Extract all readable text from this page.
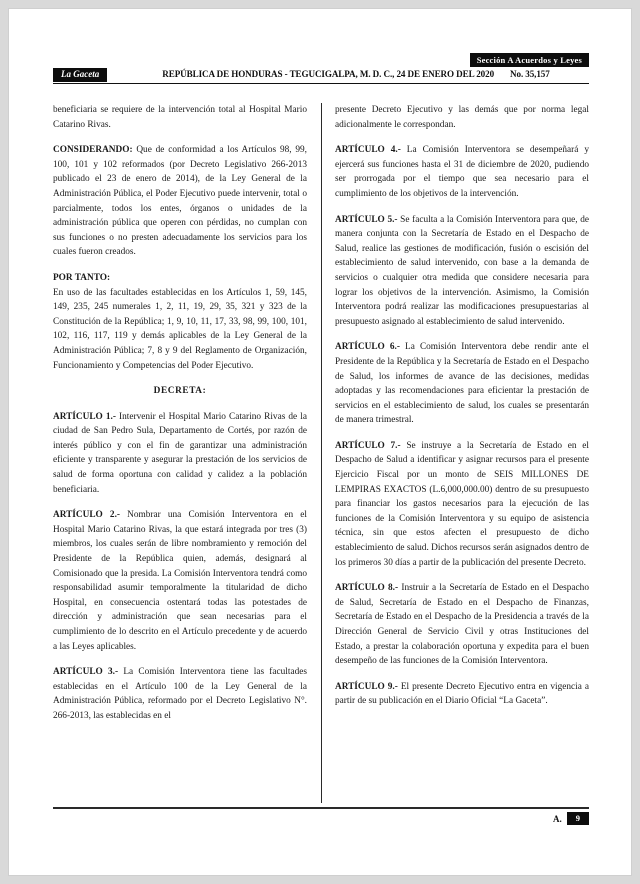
Sección A Acuerdos y Leyes
La Gaceta	REPÚBLICA DE HONDURAS - TEGUCIGALPA, M. D. C., 24 DE ENERO DEL 2020 No. 35,157

beneficiaria se requiere de la intervención total al Hospital Mario Catarino Rivas.

CONSIDERANDO: Que de conformidad a los Artículos 98, 99, 100, 101 y 102 reformados (por Decreto Legislativo 266-2013 publicado el 23 de enero de 2014), de la Ley General de la Administración Pública, el Poder Ejecutivo puede intervenir, total o parcialmente, todos los entes, órganos o unidades de la administración pública que operen con pérdidas, no cumplan con sus funciones o no presten adecuadamente los servicios para los cuales fueron creados.

POR TANTO:

En uso de las facultades establecidas en los Artículos 1, 59, 145, 149, 235, 245 numerales 1, 2, 11, 19, 29, 35, 321 y 323 de la Constitución de la República; 1, 9, 10, 11, 17, 33, 98, 99, 100, 101, 102, 116, 117, 119 y demás aplicables de la Ley General de la Administración Pública; 7, 8 y 9 del Reglamento de Organización, Funcionamiento y Competencias del Poder Ejecutivo.

DECRETA:

ARTÍCULO 1.- Intervenir el Hospital Mario Catarino Rivas de la ciudad de San Pedro Sula, Departamento de Cortés, por razón de interés público y con el fin de garantizar una administración eficiente y transparente y asegurar la prestación de los servicios de salud de forma oportuna con calidad y calidez a la población beneficiaria.

ARTÍCULO 2.- Nombrar una Comisión Interventora en el Hospital Mario Catarino Rivas, la que estará integrada por tres (3) miembros, los cuales serán de libre nombramiento y remoción del Presidente de la República quien, además, designará al Comisionado que la presida. La Comisión Interventora tendrá como responsabilidad asumir temporalmente la titularidad de dicho Hospital, en consecuencia ostentará todas las potestades de dirección y administración que sean necesarias para el cumplimiento de lo descrito en el Artículo precedente y de acuerdo a las Leyes aplicables.

ARTÍCULO 3.- La Comisión Interventora tiene las facultades establecidas en el Artículo 100 de la Ley General de la Administración Pública, reformado por el Decreto Legislativo N°. 266-2013, las establecidas en el

presente Decreto Ejecutivo y las demás que por norma legal adicionalmente le correspondan.

ARTÍCULO 4.- La Comisión Interventora se desempeñará y ejercerá sus funciones hasta el 31 de diciembre de 2020, pudiendo ser prorrogada por el tiempo que sea necesario para el cumplimiento de los objetivos de la intervención.

ARTÍCULO 5.- Se faculta a la Comisión Interventora para que, de manera conjunta con la Secretaría de Estado en el Despacho de Salud, realice las gestiones de modificación, fusión o escisión del establecimiento de salud intervenido, con base a la demanda de servicios o cualquier otra medida que considere necesaria para lograr los objetivos de la intervención. Asimismo, la Comisión Interventora podrá realizar las modificaciones presupuestarias al presupuesto asignado al establecimiento de salud intervenido.

ARTÍCULO 6.- La Comisión Interventora debe rendir ante el Presidente de la República y la Secretaría de Estado en el Despacho de Salud, los informes de avance de las decisiones, medidas adoptadas y las recomendaciones para eficientar la prestación de servicios en el establecimiento de salud, los cuales se presentarán de manera trimestral.

ARTÍCULO 7.- Se instruye a la Secretaría de Estado en el Despacho de Salud a identificar y asignar recursos para el presente Ejercicio Fiscal por un monto de SEIS MILLONES DE LEMPIRAS EXACTOS (L.6,000,000.00) dentro de su presupuesto para financiar los gastos necesarios para la ejecución de las funciones de la Comisión Interventora y su equipo de asistencia técnica, sin que estos afecten el presupuesto de dicho establecimiento de salud. Dichos recursos serán asignados dentro de los primeros 30 días a partir de la publicación del presente Decreto.

ARTÍCULO 8.- Instruir a la Secretaría de Estado en el Despacho de Salud, Secretaría de Estado en el Despacho de Finanzas, Secretaría de Estado en el Despacho de la Presidencia a través de la Dirección General de Servicio Civil y otras Instituciones del Estado, a prestar la colaboración oportuna y expedita para el buen desempeño de las funciones de la Comisión Interventora.

ARTÍCULO 9.- El presente Decreto Ejecutivo entra en vigencia a partir de su publicación en el Diario Oficial “La Gaceta”.

A.	9
